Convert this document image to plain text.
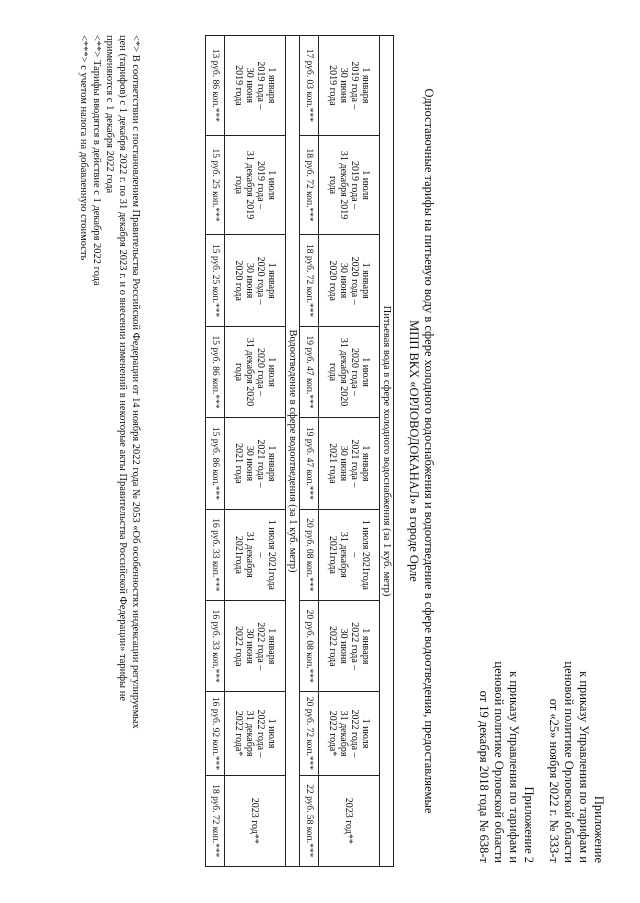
Приложение
к приказу Управления по тарифам и
ценовой политике Орловской области
от «25» ноября 2022 г. № 3ЗЗ-т
Приложение 2
к приказу Управления по тарифам и
ценовой политике Орловской области
от 19 декабря 2018 года № 638-т
Одноставочные тарифы на питьевую воду в сфере холодного водоснабжения и водоотведение в сфере водоотведения, предоставляемые
МПП ВКХ «ОРЛОВОДОКАНАЛ» в городе Орле
Питьевая вода в сфере холодного водоснабжения (за 1 куб. метр)								

1 января
2019 года –
30 июня
2019 года	1 июля
2019 года –
31 декабря 2019
года	1 января
2020 года –
30 июня
2020 года	1 июля
2020 года –
31 декабря 2020
года	1 января
2021 года –
30 июня
2021 года	1 июля 2021года
–
31 декабря
2021года	1 января
2022 года –
30 июня
2022 года	1 июля
2022 года –
31 декабря
2022 года*	2023 год**
17 руб. 03 коп.***	18 руб. 72 коп.***	18 руб. 72 коп.***	19 руб. 47 коп.***	19 руб. 47 коп.***	20 руб. 08 коп.***	20 руб. 08 коп.***	20 руб. 72 коп.***	22 руб. 58 коп.***
Водоотведение в сфере водоотведения (за 1 куб. метр)								

1 января
2019 года –
30 июня
2019 года	1 июля
2019 года –
31 декабря 2019
года	1 января
2020 года –
30 июня
2020 года	1 июля
2020 года –
31 декабря 2020
года	1 января
2021 года –
30 июня
2021 года	1 июля 2021года
–
31 декабря
2021года	1 января
2022 года –
30 июня
2022 года	1 июля
2022 года –
31 декабря
2022 года*	2023 год**
13 руб. 86 коп.***	15 руб. 25 коп.***	15 руб. 25 коп.***	15 руб. 86 коп.***	15 руб. 86 коп.***	16 руб. 33 коп.***	16 руб. 33 коп.***	16 руб. 92 коп.***	18 руб. 72 коп.***
<*> В соответствии с постановлением Правительства Российской Федерации от 14 ноября 2022 года № 2053 «Об особенностях индексации регулируемых
цен (тарифов) с 1 декабря 2022 г. по 31 декабря 2023 г. и о внесении изменений в некоторые акты Правительства Российской Федерации» тарифы не
применяются с 1 декабря 2022 года
<**> Тарифы вводятся в действие с 1 декабря 2022 года
<***> с учетом налога на добавленную стоимость
